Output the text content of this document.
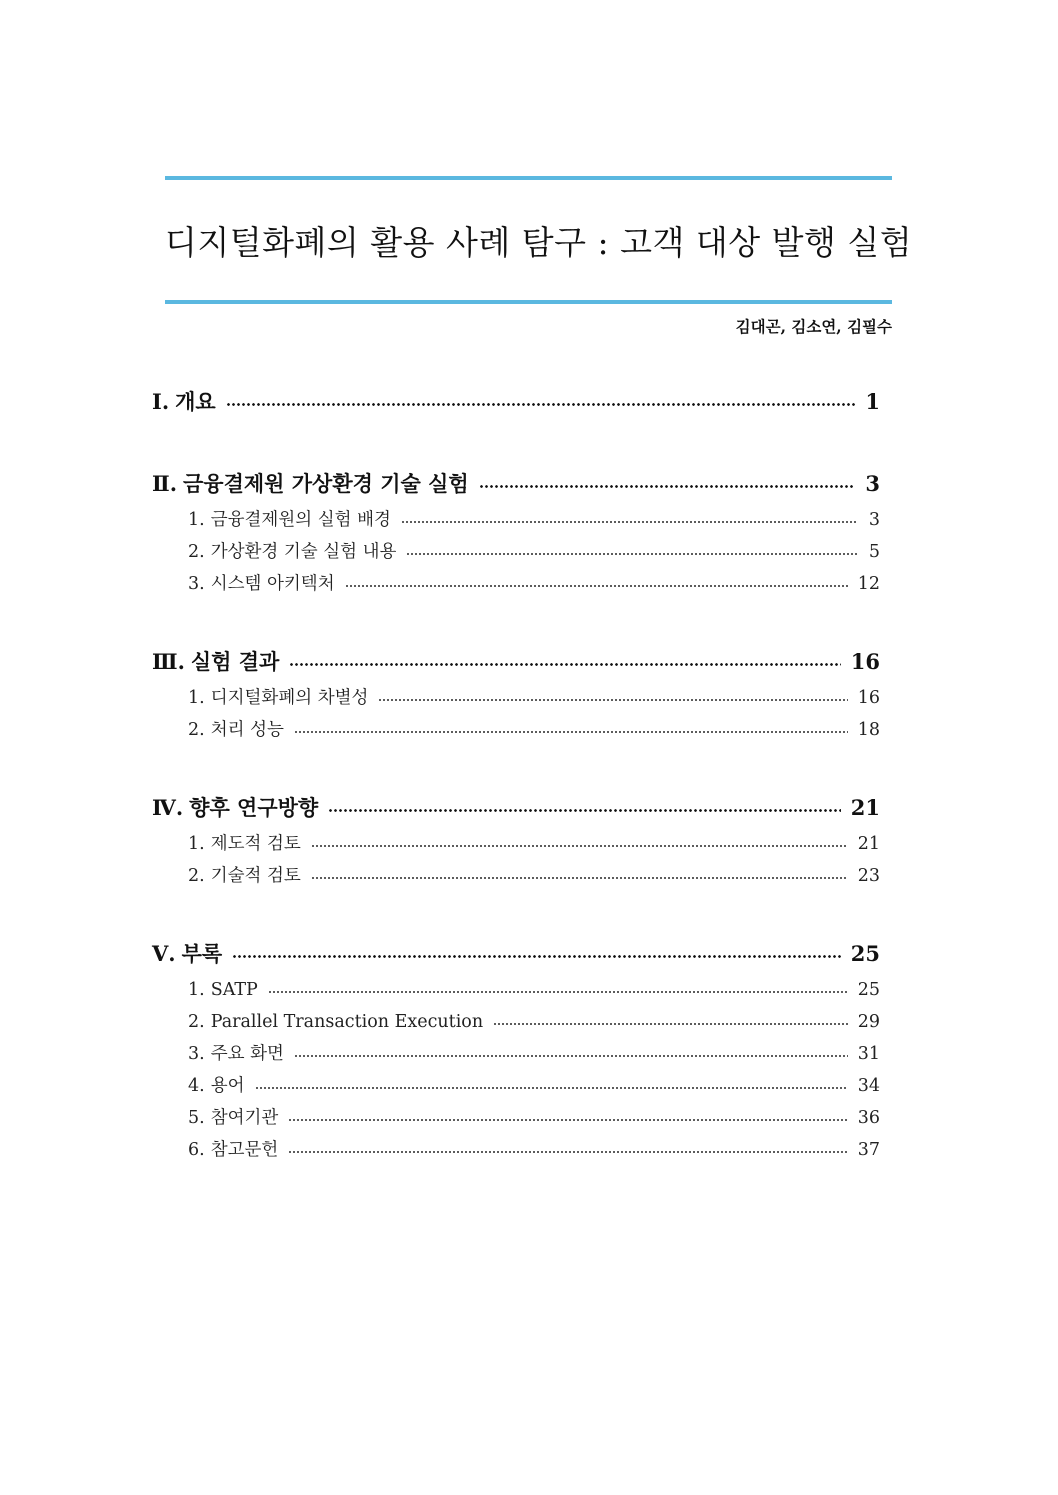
디지털화폐의 활용 사례 탐구 : 고객 대상 발행 실험
김대곤, 김소연, 김필수
Ⅰ. 개요	1
Ⅱ. 금융결제원 가상환경 기술 실험	3
1. 금융결제원의 실험 배경	3
2. 가상환경 기술 실험 내용	5
3. 시스템 아키텍처	12
Ⅲ. 실험 결과	16
1. 디지털화폐의 차별성	16
2. 처리 성능	18
Ⅳ. 향후 연구방향	21
1. 제도적 검토	21
2. 기술적 검토	23
Ⅴ. 부록	25
1. SATP	25
2. Parallel Transaction Execution	29
3. 주요 화면	31
4. 용어	34
5. 참여기관	36
6. 참고문헌	37
